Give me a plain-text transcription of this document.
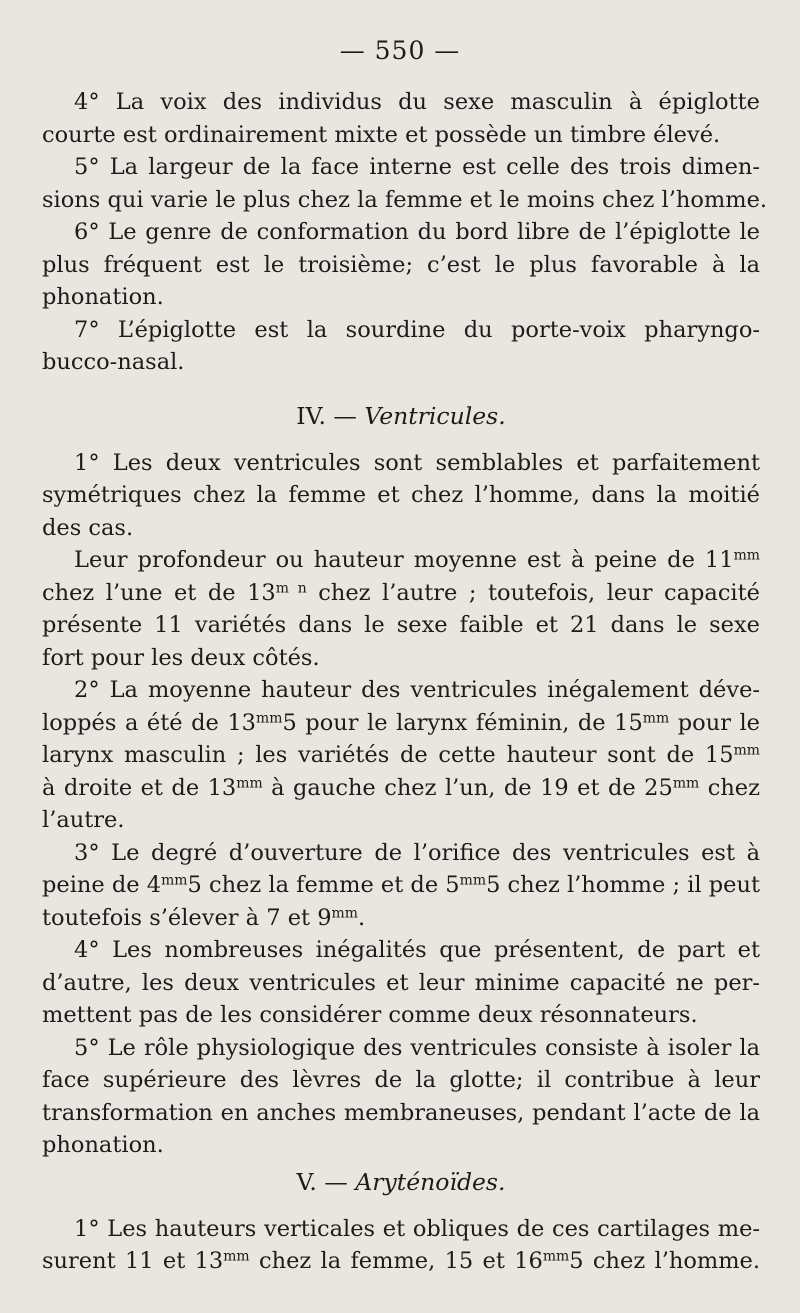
— 550 —
4° La voix des individus du sexe masculin à épiglotte
courte est ordinairement mixte et possède un timbre élevé.
5° La largeur de la face interne est celle des trois dimen-
sions qui varie le plus chez la femme et le moins chez l’homme.
6° Le genre de conformation du bord libre de l’épiglotte le
plus fréquent est le troisième; c’est le plus favorable à la
phonation.
7° L’épiglotte est la sourdine du porte-voix pharyngo-
bucco-nasal.
IV. — Ventricules.
1° Les deux ventricules sont semblables et parfaitement
symétriques chez la femme et chez l’homme, dans la moitié
des cas.
Leur profondeur ou hauteur moyenne est à peine de $11^{mm}$
chez l’une et de $13^{m n}$ chez l’autre ; toutefois, leur capacité
présente 11 variétés dans le sexe faible et 21 dans le sexe
fort pour les deux côtés.
2° La moyenne hauteur des ventricules inégalement déve-
loppés a été de $13^{mm}5$ pour le larynx féminin, de $15^{mm}$ pour le
larynx masculin ; les variétés de cette hauteur sont de $15^{mm}$
à droite et de $13^{mm}$ à gauche chez l’un, de 19 et de $25^{mm}$ chez
l’autre.
3° Le degré d’ouverture de l’orifice des ventricules est à
peine de $4^{mm}5$ chez la femme et de $5^{mm}5$ chez l’homme ; il peut
toutefois s’élever à 7 et $9^{mm}$.
4° Les nombreuses inégalités que présentent, de part et
d’autre, les deux ventricules et leur minime capacité ne per-
mettent pas de les considérer comme deux résonnateurs.
5° Le rôle physiologique des ventricules consiste à isoler la
face supérieure des lèvres de la glotte; il contribue à leur
transformation en anches membraneuses, pendant l’acte de la
phonation.
V. — Aryténoïdes.
1° Les hauteurs verticales et obliques de ces cartilages me-
surent 11 et $13^{mm}$ chez la femme, 15 et $16^{mm}5$ chez l’homme.
